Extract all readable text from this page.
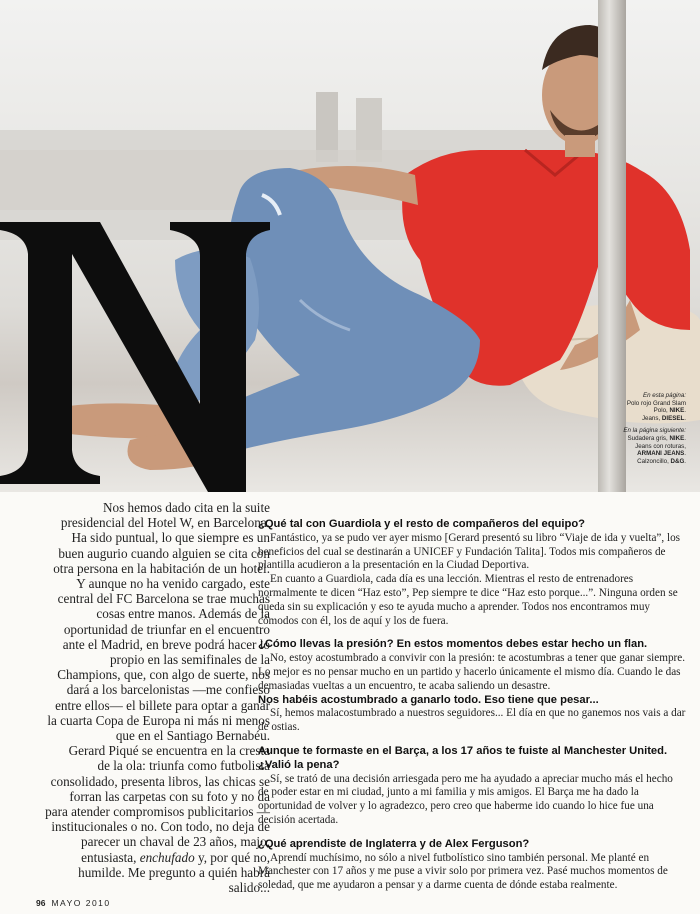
En esta página:
Polo rojo Grand Slam
Polo, NIKE.
Jeans, DIESEL.
En la página siguiente:
Sudadera gris, NIKE.
Jeans con roturas,
ARMANI JEANS.
Calzoncillo, D&G.

Nos hemos dado cita en la suite presidencial del Hotel W, en Barcelona. Ha sido puntual, lo que siempre es un buen augurio cuando alguien se cita con otra persona en la habitación de un hotel. Y aunque no ha venido cargado, este central del FC Barcelona se trae muchas cosas entre manos. Además de la oportunidad de triunfar en el encuentro ante el Madrid, en breve podrá hacer lo propio en las semifinales de la Champions, que, con algo de suerte, nos dará a los barcelonistas —me confieso entre ellos— el billete para optar a ganar la cuarta Copa de Europa ni más ni menos que en el Santiago Bernabéu.

Gerard Piqué se encuentra en la cresta de la ola: triunfa como futbolista consolidado, presenta libros, las chicas se forran las carpetas con su foto y no da para atender compromisos publicitarios —institucionales o no. Con todo, no deja de parecer un chaval de 23 años, majo, entusiasta, enchufado y, por qué no, humilde. Me pregunto a quién habrá salido...

¿Qué tal con Guardiola y el resto de compañeros del equipo?

Fantástico, ya se pudo ver ayer mismo [Gerard presentó su libro “Viaje de ida y vuelta”, los beneficios del cual se destinarán a UNICEF y Fundación Talita]. Todos mis compañeros de plantilla acudieron a la presentación en la Ciudad Deportiva.

En cuanto a Guardiola, cada día es una lección. Mientras el resto de entrenadores normalmente te dicen “Haz esto”, Pep siempre te dice “Haz esto porque...”. Ninguna orden se queda sin su explicación y eso te ayuda mucho a aprender. Todos nos encontramos muy cómodos con él, los de aquí y los de fuera.

¿Cómo llevas la presión? En estos momentos debes estar hecho un flan.

No, estoy acostumbrado a convivir con la presión: te acostumbras a tener que ganar siempre. Lo mejor es no pensar mucho en un partido y hacerlo únicamente el mismo día. Cuando le das demasiadas vueltas a un encuentro, te acaba saliendo un desastre.

Nos habéis acostumbrado a ganarlo todo. Eso tiene que pesar...

Sí, hemos malacostumbrado a nuestros seguidores... El día en que no ganemos nos vais a dar de ostias.

Aunque te formaste en el Barça, a los 17 años te fuiste al Manchester United. ¿Valió la pena?

Sí, se trató de una decisión arriesgada pero me ha ayudado a apreciar mucho más el hecho de poder estar en mi ciudad, junto a mi familia y mis amigos. El Barça me ha dado la oportunidad de volver y lo agradezco, pero creo que haberme ido cuando lo hice fue una decisión acertada.

¿Qué aprendiste de Inglaterra y de Alex Ferguson?

Aprendí muchísimo, no sólo a nivel futbolístico sino también personal. Me planté en Manchester con 17 años y me puse a vivir solo por primera vez. Pasé muchos momentos de soledad, que me ayudaron a pensar y a darme cuenta de dónde estaba realmente.

96 MAYO 2010
